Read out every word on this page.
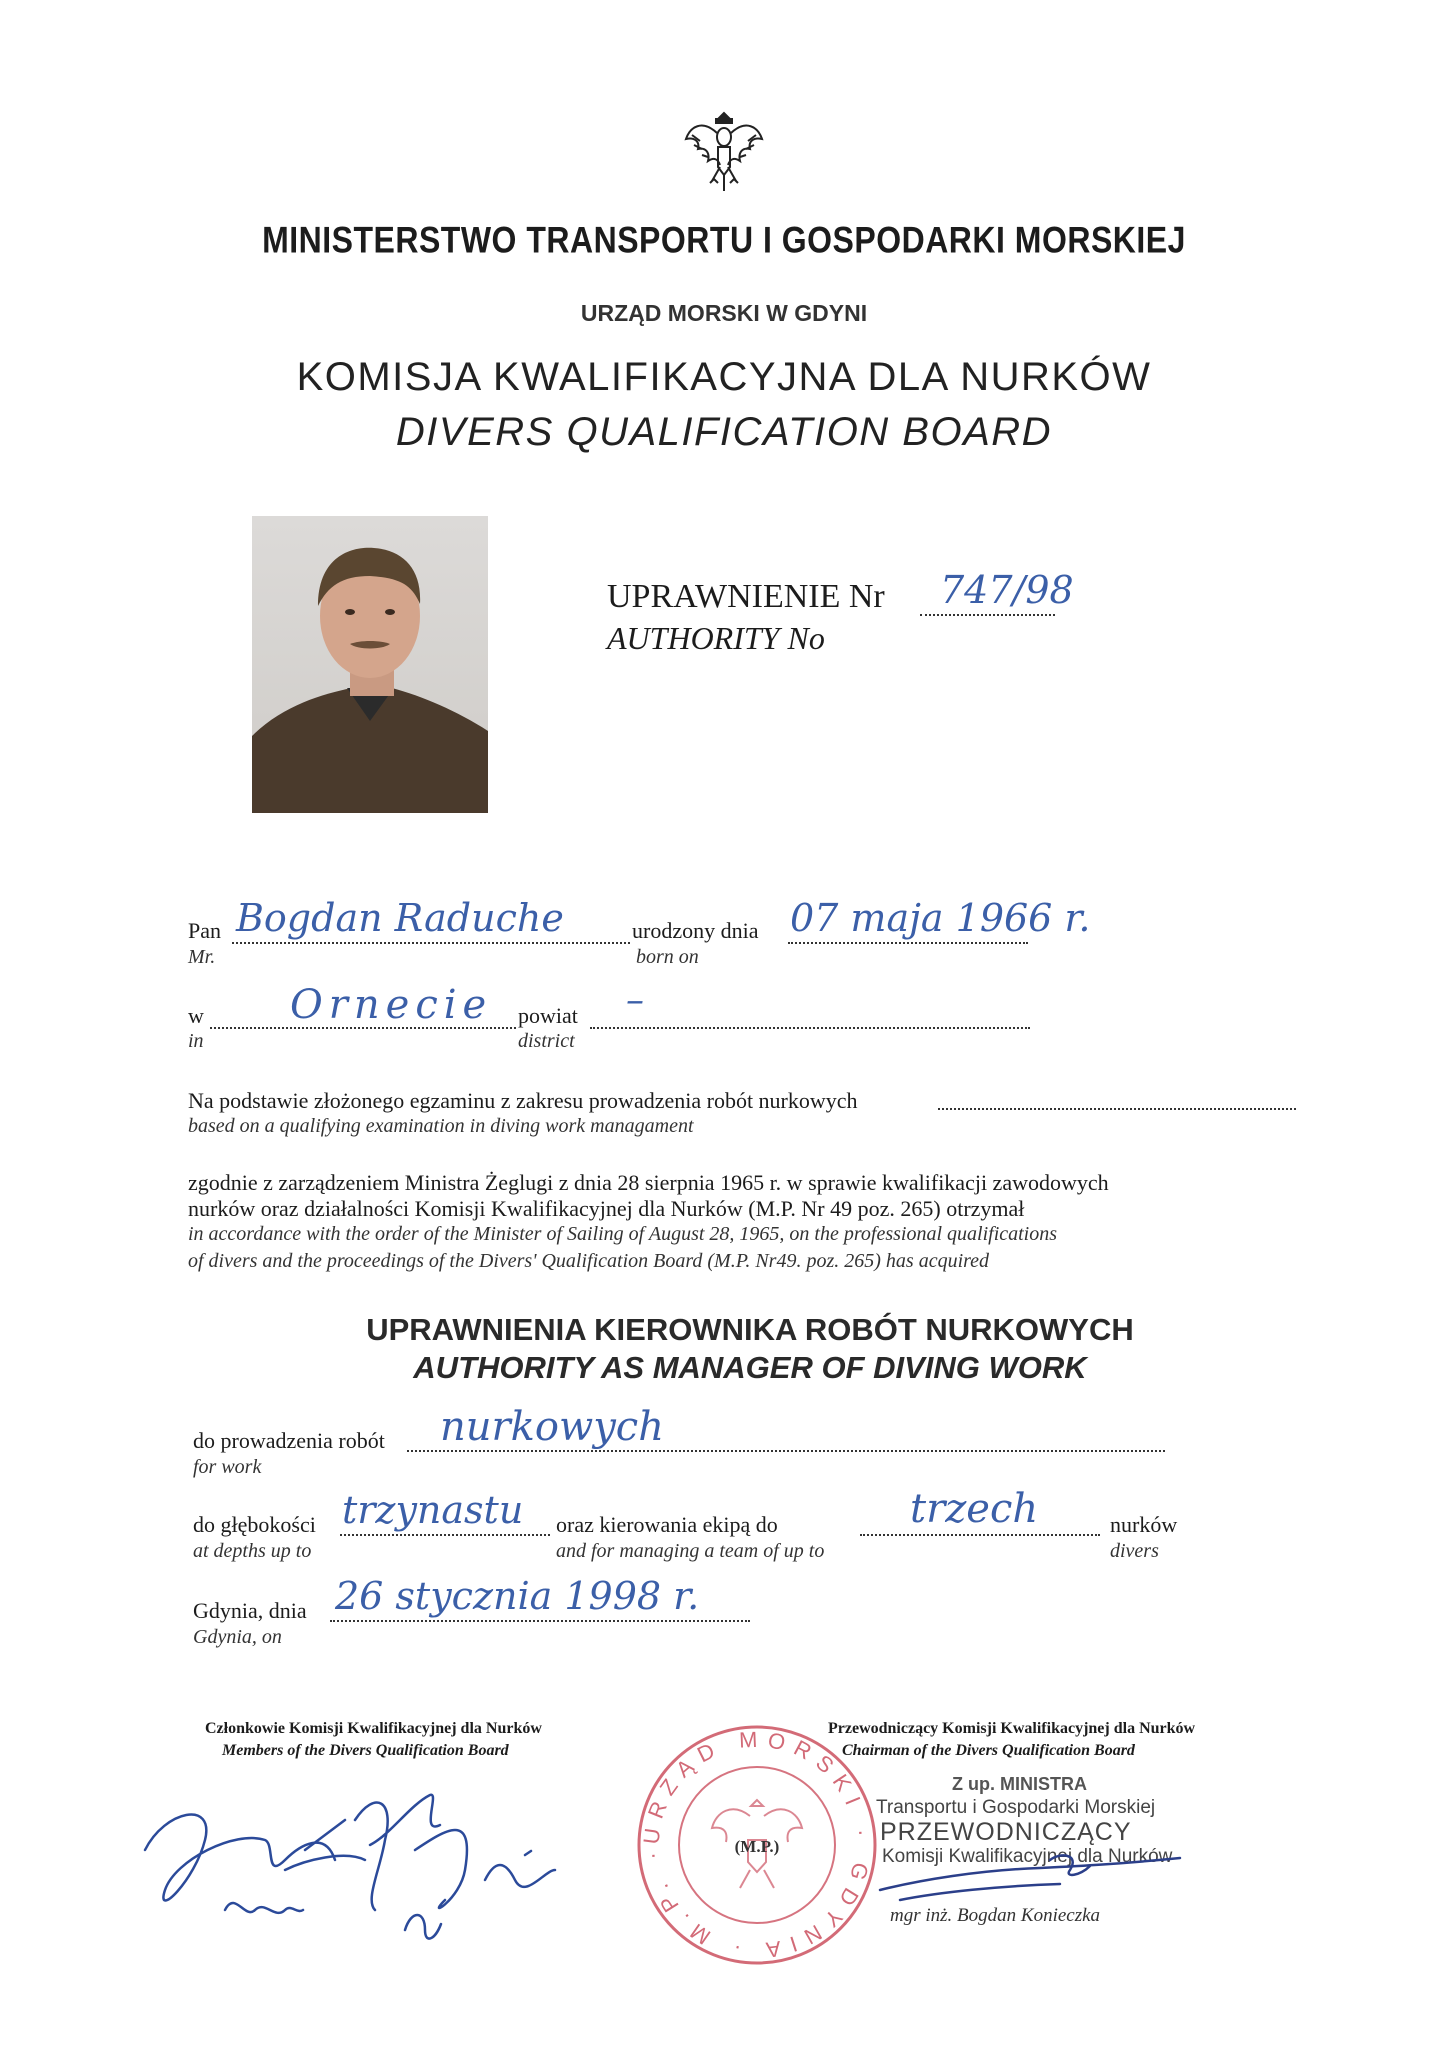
MINISTERSTWO TRANSPORTU I GOSPODARKI MORSKIEJ
URZĄD MORSKI W GDYNI
KOMISJA KWALIFIKACYJNA DLA NURKÓW
DIVERS QUALIFICATION BOARD
UPRAWNIENIE Nr 747/98
AUTHORITY No
Pan
Mr.
Bogdan Raduche	urodzony dnia
born on
07 maja 1966 r.
w
in
Ornecie powiat
district
–
Na podstawie złożonego egzaminu z zakresu prowadzenia robót nurkowych
based on a qualifying examination in diving work managament
zgodnie z zarządzeniem Ministra Żeglugi z dnia 28 sierpnia 1965 r. w sprawie kwalifikacji zawodowych
nurków oraz działalności Komisji Kwalifikacyjnej dla Nurków (M.P. Nr 49 poz. 265) otrzymał
in accordance with the order of the Minister of Sailing of August 28, 1965, on the professional qualifications
of divers and the proceedings of the Divers' Qualification Board (M.P. Nr49. poz. 265) has acquired
UPRAWNIENIA KIEROWNIKA ROBÓT NURKOWYCH
AUTHORITY AS MANAGER OF DIVING WORK
do prowadzenia robót
for work
nurkowych
do głębokości
at depths up to
trzynastu oraz kierowania ekipą do
and for managing a team of up to
trzech	nurków
divers
Gdynia, dnia
Gdynia, on
26 stycznia 1998 r.
Członkowie Komisji Kwalifikacyjnej dla Nurków
Members of the Divers Qualification Board
URZĄD MORSKI · GDYNIA · M.P. · 3
(M.P.)
Przewodniczący Komisji Kwalifikacyjnej dla Nurków
Chairman of the Divers Qualification Board
Z up. MINISTRA
Transportu i Gospodarki Morskiej
PRZEWODNICZĄCY
Komisji Kwalifikacyjnej dla Nurków
mgr inż. Bogdan Konieczka
